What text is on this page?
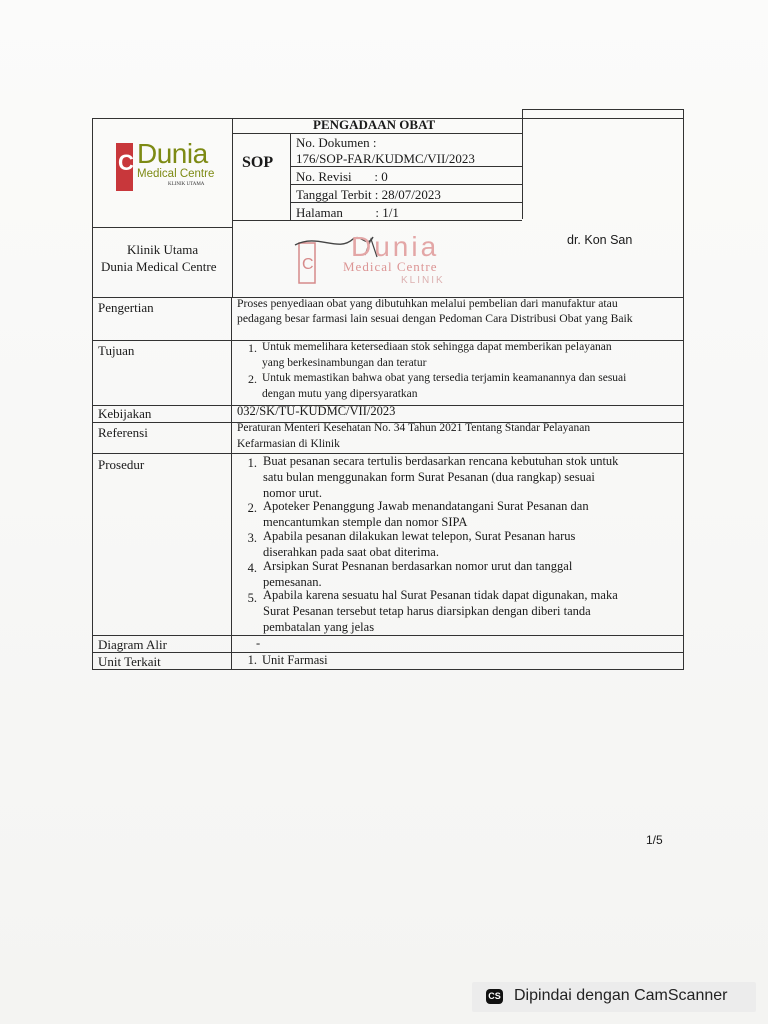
C Dunia
Medical Centre
KLINIK UTAMA
PENGADAAN OBAT
SOP
No. Dokumen :
176/SOP-FAR/KUDMC/VII/2023
No. Revisi       : 0
Tanggal Terbit : 28/07/2023
Halaman          : 1/1
Klinik Utama
Dunia Medical Centre
dr. Kon San
C
Dunia
Medical Centre
KLINIK
Pengertian	Proses penyediaan obat yang dibutuhkan melalui pembelian dari manufaktur atau
pedagang besar farmasi lain sesuai dengan Pedoman Cara Distribusi Obat yang Baik
Tujuan	1. Untuk memelihara ketersediaan stok sehingga dapat memberikan pelayanan
yang berkesinambungan dan teratur
2. Untuk memastikan bahwa obat yang tersedia terjamin keamanannya dan sesuai
dengan mutu yang dipersyaratkan
Kebijakan	032/SK/TU-KUDMC/VII/2023
Referensi	Peraturan Menteri Kesehatan No. 34 Tahun 2021 Tentang Standar Pelayanan
Kefarmasian di Klinik
Prosedur	1. Buat pesanan secara tertulis berdasarkan rencana kebutuhan stok untuk
satu bulan menggunakan form Surat Pesanan (dua rangkap) sesuai
nomor urut.
2. Apoteker Penanggung Jawab menandatangani Surat Pesanan dan
mencantumkan stemple dan nomor SIPA
3. Apabila pesanan dilakukan lewat telepon, Surat Pesanan harus
diserahkan pada saat obat diterima.
4. Arsipkan Surat Pesnanan berdasarkan nomor urut dan tanggal
pemesanan.
5. Apabila karena sesuatu hal Surat Pesanan tidak dapat digunakan, maka
Surat Pesanan tersebut tetap harus diarsipkan dengan diberi tanda
pembatalan yang jelas
Diagram Alir	-
Unit Terkait	1. Unit Farmasi
1/5
CS Dipindai dengan CamScanner
